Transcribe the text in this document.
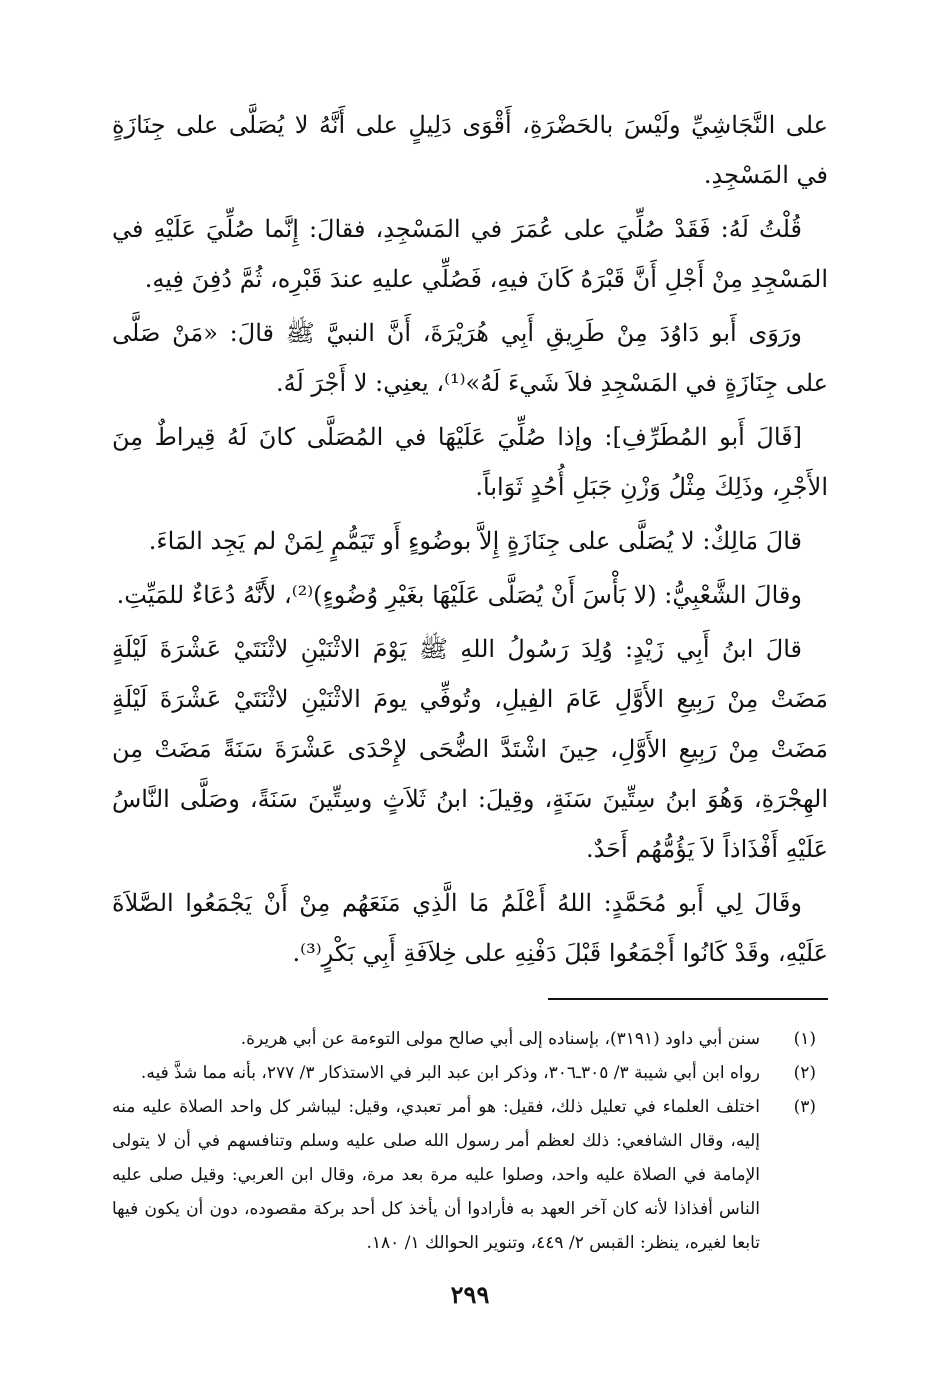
على النَّجَاشِيِّ ولَيْسَ بالحَضْرَةِ، أَقْوَى دَلِيلٍ على أَنَّهُ لا يُصَلَّى على جِنَازَةٍ في المَسْجِدِ.

قُلْتُ لَهُ: فَقَدْ صُلِّيَ على عُمَرَ في المَسْجِدِ، فقالَ: إِنَّما صُلِّيَ عَلَيْهِ في المَسْجِدِ مِنْ أَجْلِ أَنَّ قَبْرَهُ كَانَ فيهِ، فَصُلِّي عليهِ عندَ قَبْرِه، ثُمَّ دُفِنَ فِيهِ.

ورَوَى أَبو دَاوُدَ مِنْ طَرِيقِ أَبِي هُرَيْرَةَ، أَنَّ النبيَّ ﷺ قالَ: «مَنْ صَلَّى على جِنَازَةٍ في المَسْجِدِ فلاَ شَيءَ لَهُ»⁽¹⁾، يعنِي: لا أَجْرَ لَهُ.

[قَالَ أَبو المُطَرِّفِ]: وإذا صُلِّيَ عَلَيْهَا في المُصَلَّى كانَ لَهُ قِيراطٌ مِنَ الأَجْرِ، وذَلِكَ مِثْلُ وَزْنِ جَبَلِ أُحُدٍ ثَوَاباً.

قالَ مَالِكٌ: لا يُصَلَّى على جِنَازَةٍ إِلاَّ بوضُوءٍ أَو تَيَمُّمٍ لِمَنْ لم يَجِد المَاءَ.

وقالَ الشَّعْبِيُّ: (لا بَأْسَ أَنْ يُصَلَّى عَلَيْهَا بغَيْرِ وُضُوءٍ)⁽²⁾، لأَنَّهُ دُعَاءٌ للمَيِّتِ.

قالَ ابنُ أَبِي زَيْدٍ: وُلِدَ رَسُولُ اللهِ ﷺ يَوْمَ الاثْنَيْنِ لاثْنَتَيْ عَشْرَةَ لَيْلَةٍ مَضَتْ مِنْ رَبِيعِ الأَوَّلِ عَامَ الفِيلِ، وتُوفِّي يومَ الاثْنَيْنِ لاثْنَتَيْ عَشْرَةَ لَيْلَةٍ مَضَتْ مِنْ رَبِيعِ الأَوَّلِ، حِينَ اشْتَدَّ الضُّحَى لإِحْدَى عَشْرَةَ سَنَةً مَضَتْ مِن الهِجْرَةِ، وَهُوَ ابنُ سِتِّينَ سَنَةٍ، وقِيلَ: ابنُ ثَلاَثٍ وسِتِّينَ سَنَةً، وصَلَّى النَّاسُ عَلَيْهِ أَفْذَاذاً لاَ يَؤُمُّهُم أَحَدٌ.

وقَالَ لِي أَبو مُحَمَّدٍ: اللهُ أَعْلَمُ مَا الَّذِي مَنَعَهُم مِنْ أَنْ يَجْمَعُوا الصَّلاَةَ عَلَيْهِ، وقَدْ كَانُوا أَجْمَعُوا قَبْلَ دَفْنِهِ على خِلاَفَةِ أَبِي بَكْرٍ⁽³⁾.

(١)
سنن أبي داود (٣١٩١)، بإسناده إلى أبي صالح مولى التوءمة عن أبي هريرة.
(٢)
رواه ابن أبي شيبة ٣/ ٣٠٥ـ٣٠٦، وذكر ابن عبد البر في الاستذكار ٣/ ٢٧٧، بأنه مما شذَّ فيه.
(٣)
اختلف العلماء في تعليل ذلك، فقيل: هو أمر تعبدي، وقيل: ليباشر كل واحد الصلاة عليه منه إليه، وقال الشافعي: ذلك لعظم أمر رسول الله صلى عليه وسلم وتنافسهم في أن لا يتولى الإمامة في الصلاة عليه واحد، وصلوا عليه مرة بعد مرة، وقال ابن العربي: وقيل صلى عليه الناس أفذاذا لأنه كان آخر العهد به فأرادوا أن يأخذ كل أحد بركة مقصوده، دون أن يكون فيها تابعا لغيره، ينظر: القبس ٢/ ٤٤٩، وتنوير الحوالك ١/ ١٨٠.
٢٩٩
